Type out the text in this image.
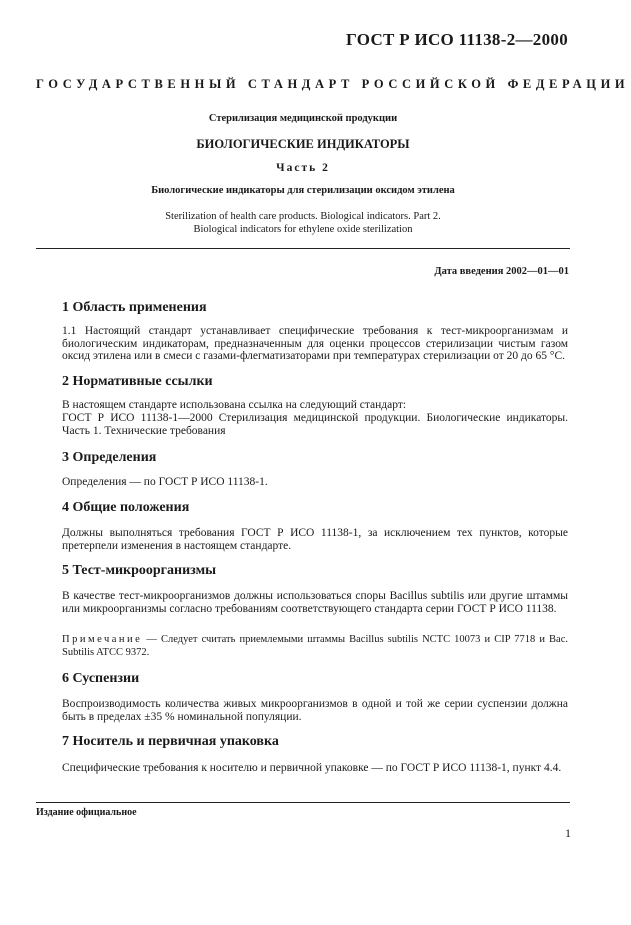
ГОСТ Р ИСО 11138-2—2000
ГОСУДАРСТВЕННЫЙ СТАНДАРТ РОССИЙСКОЙ ФЕДЕРАЦИИ
Стерилизация медицинской продукции
БИОЛОГИЧЕСКИЕ ИНДИКАТОРЫ
Часть 2
Биологические индикаторы для стерилизации оксидом этилена
Sterilization of health care products. Biological indicators. Part 2.
Biological indicators for ethylene oxide sterilization
Дата введения 2002—01—01
1 Область применения
1.1 Настоящий стандарт устанавливает специфические требования к тест-микроорганизмам и биологическим индикаторам, предназначенным для оценки процессов стерилизации чистым газом оксид этилена или в смеси с газами-флегматизаторами при температурах стерилизации от 20 до 65 °С.
2 Нормативные ссылки
В настоящем стандарте использована ссылка на следующий стандарт:
ГОСТ Р ИСО 11138-1—2000 Стерилизация медицинской продукции. Биологические индикаторы. Часть 1. Технические требования
3 Определения
Определения — по ГОСТ Р ИСО 11138-1.
4 Общие положения
Должны выполняться требования ГОСТ Р ИСО 11138-1, за исключением тех пунктов, которые претерпели изменения в настоящем стандарте.
5 Тест-микроорганизмы
В качестве тест-микроорганизмов должны использоваться споры Bacillus subtilis или другие штаммы или микроорганизмы согласно требованиям соответствующего стандарта серии ГОСТ Р ИСО 11138.
Примечание — Следует считать приемлемыми штаммы Bacillus subtilis NCTC 10073 и CIP 7718 и Bac. Subtilis ATCC 9372.
6 Суспензии
Воспроизводимость количества живых микроорганизмов в одной и той же серии суспензии должна быть в пределах ±35 % номинальной популяции.
7 Носитель и первичная упаковка
Специфические требования к носителю и первичной упаковке — по ГОСТ Р ИСО 11138-1, пункт 4.4.
Издание официальное
1
